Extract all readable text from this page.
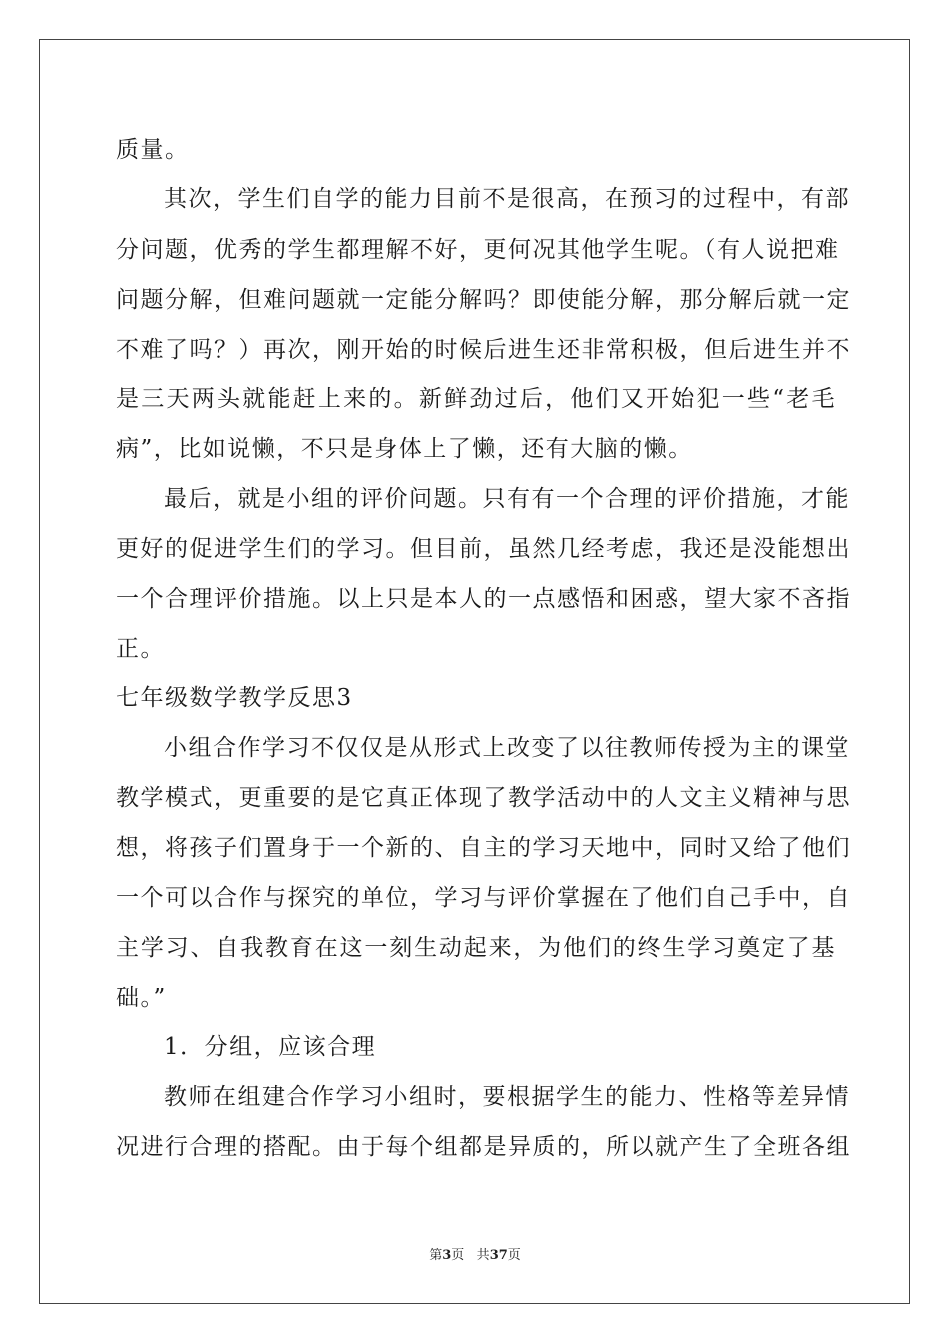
质量。
其次，学生们自学的能力目前不是很高，在预习的过程中，有部
分问题，优秀的学生都理解不好，更何况其他学生呢。（有人说把难
问题分解，但难问题就一定能分解吗？即使能分解，那分解后就一定
不难了吗？）再次，刚开始的时候后进生还非常积极，但后进生并不
是三天两头就能赶上来的。新鲜劲过后，他们又开始犯一些“老毛
病”，比如说懒，不只是身体上了懒，还有大脑的懒。
最后，就是小组的评价问题。只有有一个合理的评价措施，才能
更好的促进学生们的学习。但目前，虽然几经考虑，我还是没能想出
一个合理评价措施。以上只是本人的一点感悟和困惑，望大家不吝指
正。
七年级数学教学反思3
小组合作学习不仅仅是从形式上改变了以往教师传授为主的课堂
教学模式，更重要的是它真正体现了教学活动中的人文主义精神与思
想，将孩子们置身于一个新的、自主的学习天地中，同时又给了他们
一个可以合作与探究的单位，学习与评价掌握在了他们自己手中，自
主学习、自我教育在这一刻生动起来，为他们的终生学习奠定了基
础。”
1．分组，应该合理
教师在组建合作学习小组时，要根据学生的能力、性格等差异情
况进行合理的搭配。由于每个组都是异质的，所以就产生了全班各组
第3页 共37页
